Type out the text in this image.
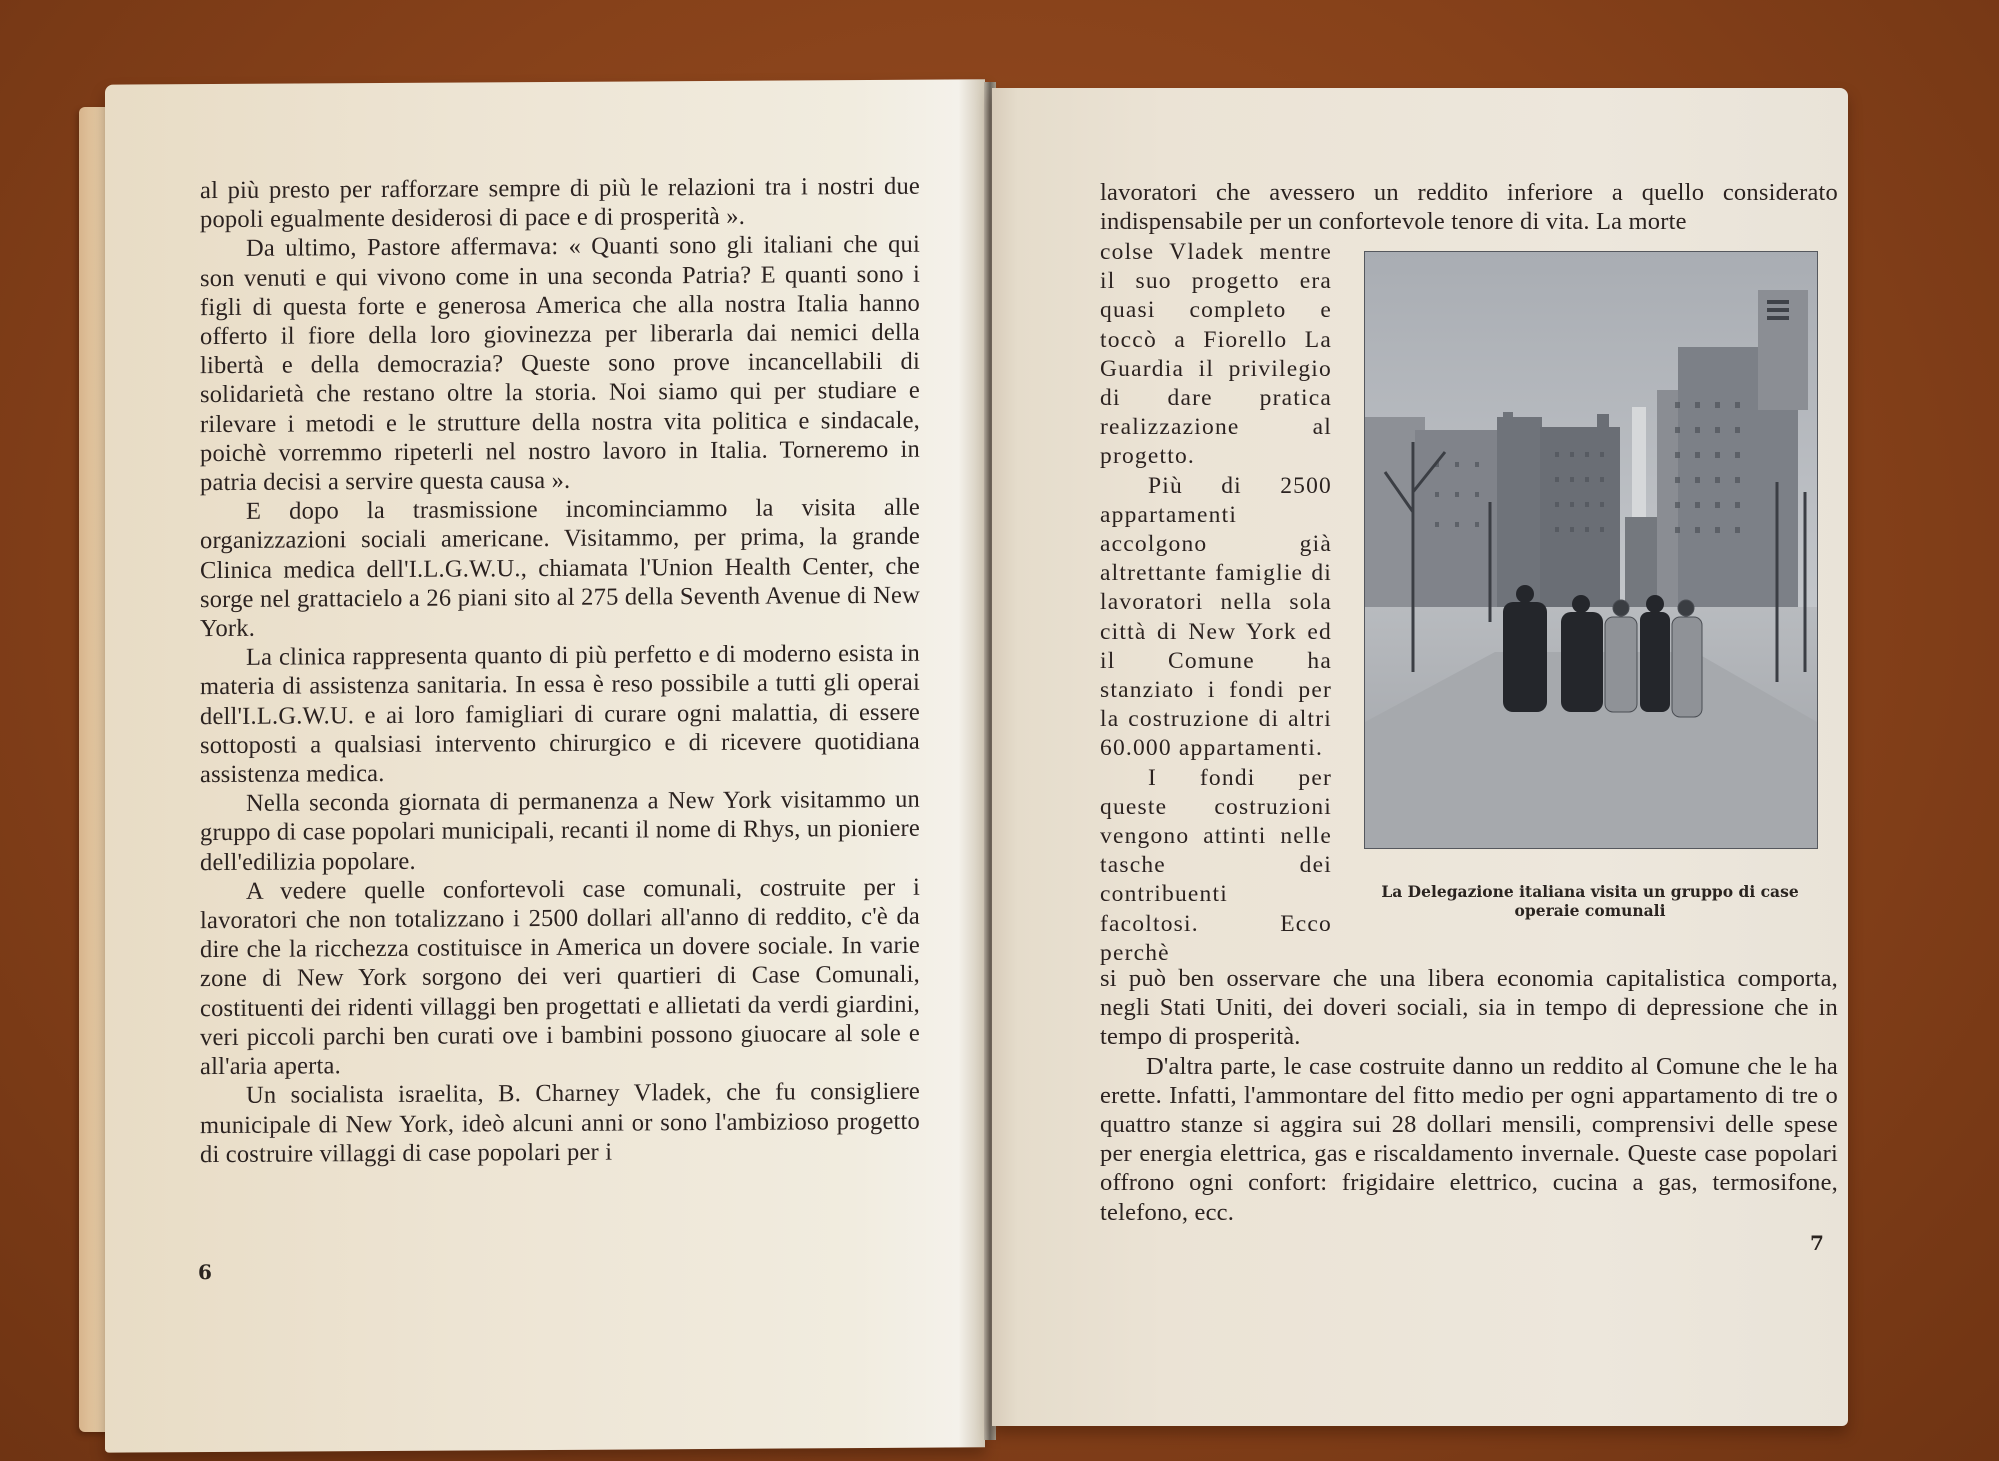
al più presto per rafforzare sempre di più le relazioni tra i nostri due popoli egualmente desiderosi di pace e di prosperità ».

Da ultimo, Pastore affermava: « Quanti sono gli italiani che qui son venuti e qui vivono come in una seconda Patria? E quanti sono i figli di questa forte e generosa America che alla nostra Italia hanno offerto il fiore della loro giovinezza per liberarla dai nemici della libertà e della democrazia? Queste sono prove incancellabili di solidarietà che restano oltre la storia. Noi siamo qui per studiare e rilevare i metodi e le strutture della nostra vita politica e sindacale, poichè vorremmo ripeterli nel nostro lavoro in Italia. Torneremo in patria decisi a servire questa causa ».

E dopo la trasmissione incominciammo la visita alle organizzazioni sociali americane. Visitammo, per prima, la grande Clinica medica dell'I.L.G.W.U., chiamata l'Union Health Center, che sorge nel grattacielo a 26 piani sito al 275 della Seventh Avenue di New York.

La clinica rappresenta quanto di più perfetto e di moderno esista in materia di assistenza sanitaria. In essa è reso possibile a tutti gli operai dell'I.L.G.W.U. e ai loro famigliari di curare ogni malattia, di essere sottoposti a qualsiasi intervento chirurgico e di ricevere quotidiana assistenza medica.

Nella seconda giornata di permanenza a New York visitammo un gruppo di case popolari municipali, recanti il nome di Rhys, un pioniere dell'edilizia popolare.

A vedere quelle confortevoli case comunali, costruite per i lavoratori che non totalizzano i 2500 dollari all'anno di reddito, c'è da dire che la ricchezza costituisce in America un dovere sociale. In varie zone di New York sorgono dei veri quartieri di Case Comunali, costituenti dei ridenti villaggi ben progettati e allietati da verdi giardini, veri piccoli parchi ben curati ove i bambini possono giuocare al sole e all'aria aperta.

Un socialista israelita, B. Charney Vladek, che fu consigliere municipale di New York, ideò alcuni anni or sono l'ambizioso progetto di costruire villaggi di case popolari per i

6

lavoratori che avessero un reddito inferiore a quello considerato indispensabile per un confortevole tenore di vita. La morte

colse Vladek mentre il suo progetto era quasi completo e toccò a Fiorello La Guardia il privilegio di dare pratica realizzazione al progetto.

Più di 2500 appartamenti accolgono già altrettante famiglie di lavoratori nella sola città di New York ed il Comune ha stanziato i fondi per la costruzione di altri 60.000 appartamenti.

I fondi per queste costruzioni vengono attinti nelle tasche dei contribuenti facoltosi. Ecco perchè

La Delegazione italiana visita un gruppo di case operaie comunali

si può ben osservare che una libera economia capitalistica comporta, negli Stati Uniti, dei doveri sociali, sia in tempo di depressione che in tempo di prosperità.

D'altra parte, le case costruite danno un reddito al Comune che le ha erette. Infatti, l'ammontare del fitto medio per ogni appartamento di tre o quattro stanze si aggira sui 28 dollari mensili, comprensivi delle spese per energia elettrica, gas e riscaldamento invernale. Queste case popolari offrono ogni confort: frigidaire elettrico, cucina a gas, termosifone, telefono, ecc.

7
